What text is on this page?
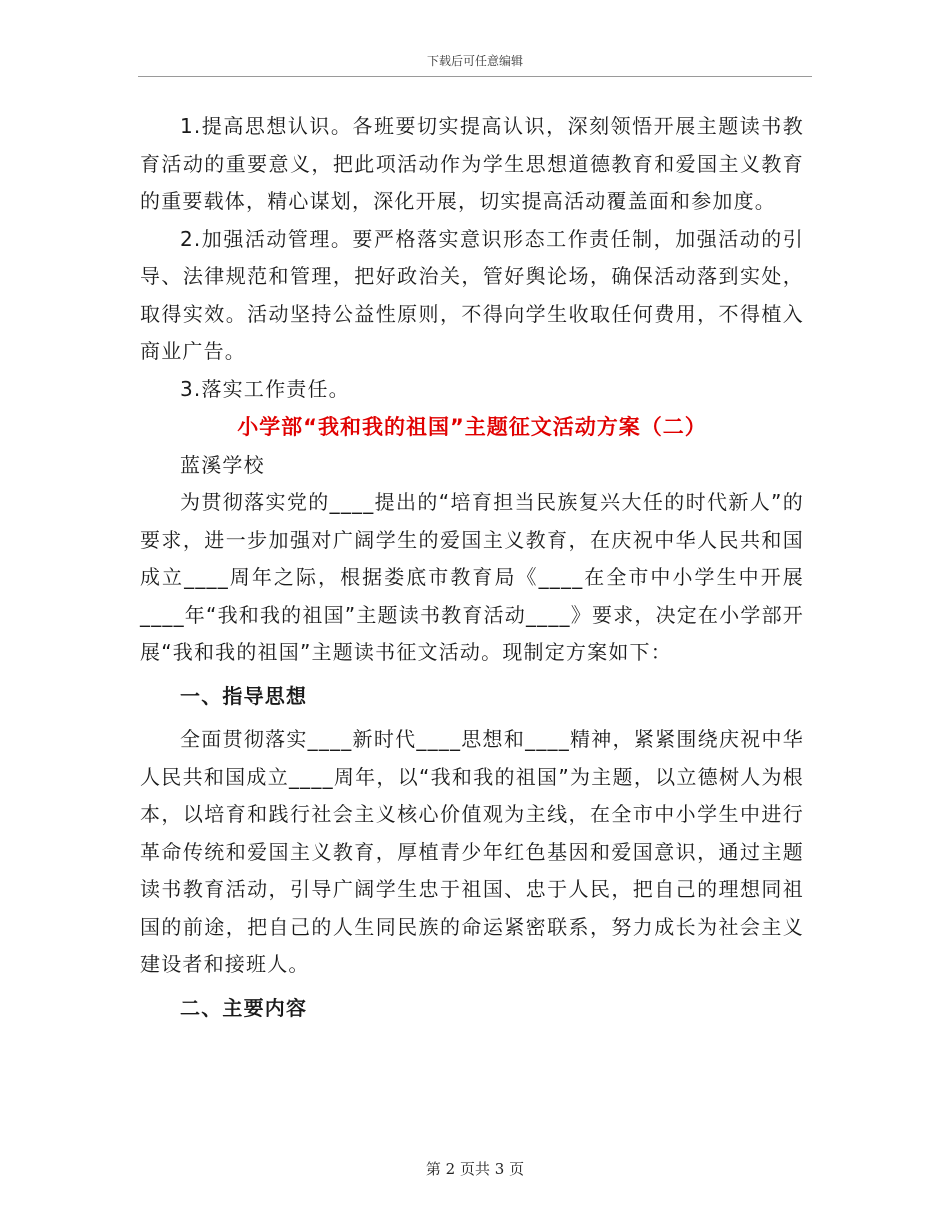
下载后可任意编辑

1.提高思想认识。各班要切实提高认识，深刻领悟开展主题读书教育活动的重要意义，把此项活动作为学生思想道德教育和爱国主义教育的重要载体，精心谋划，深化开展，切实提高活动覆盖面和参加度。

2.加强活动管理。要严格落实意识形态工作责任制，加强活动的引导、法律规范和管理，把好政治关，管好舆论场，确保活动落到实处，取得实效。活动坚持公益性原则，不得向学生收取任何费用，不得植入商业广告。

3.落实工作责任。

小学部“我和我的祖国”主题征文活动方案（二）

蓝溪学校

为贯彻落实党的____提出的“培育担当民族复兴大任的时代新人”的要求，进一步加强对广阔学生的爱国主义教育，在庆祝中华人民共和国成立____周年之际，根据娄底市教育局《____在全市中小学生中开展____年“我和我的祖国”主题读书教育活动____》要求，决定在小学部开展“我和我的祖国”主题读书征文活动。现制定方案如下：

一、指导思想

全面贯彻落实____新时代____思想和____精神，紧紧围绕庆祝中华人民共和国成立____周年，以“我和我的祖国”为主题，以立德树人为根本，以培育和践行社会主义核心价值观为主线，在全市中小学生中进行革命传统和爱国主义教育，厚植青少年红色基因和爱国意识，通过主题读书教育活动，引导广阔学生忠于祖国、忠于人民，把自己的理想同祖国的前途，把自己的人生同民族的命运紧密联系，努力成长为社会主义建设者和接班人。

二、主要内容

第 2 页共 3 页
